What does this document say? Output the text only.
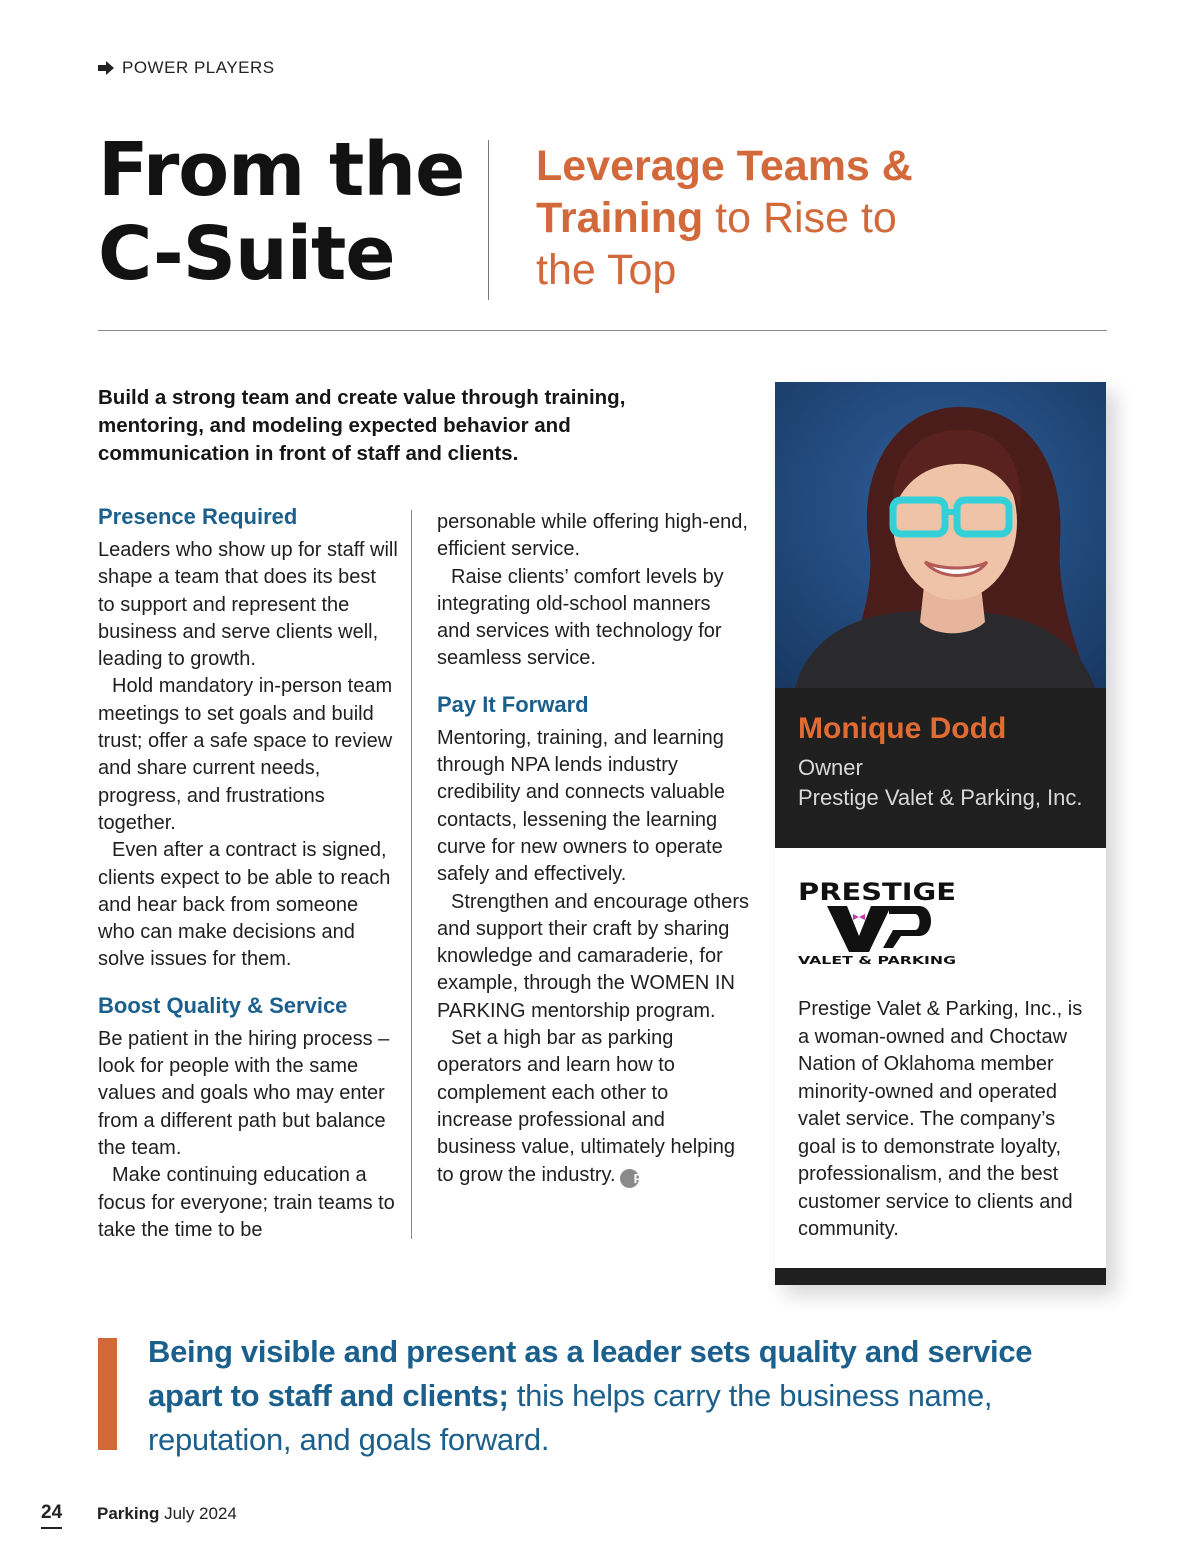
POWER PLAYERS
From the
C-Suite
Leverage Teams &
Training to Rise to
the Top
Build a strong team and create value through training, mentoring, and modeling expected behavior and communication in front of staff and clients.
Presence Required

Leaders who show up for staff will shape a team that does its best to support and represent the business and serve clients well, leading to growth.

Hold mandatory in-person team meetings to set goals and build trust; offer a safe space to review and share current needs, progress, and frustrations together.

Even after a contract is signed, clients expect to be able to reach and hear back from someone who can make decisions and solve issues for them.

Boost Quality & Service

Be patient in the hiring process – look for people with the same values and goals who may enter from a different path but balance the team.

Make continuing education a focus for everyone; train teams to take the time to be

personable while offering high-end, efficient service.

Raise clients’ comfort levels by integrating old-school manners and services with technology for seamless service.

Pay It Forward

Mentoring, training, and learning through NPA lends industry credibility and connects valuable contacts, lessening the learning curve for new owners to operate safely and effectively.

Strengthen and encourage others and support their craft by sharing knowledge and camaraderie, for example, through the WOMEN IN PARKING mentorship program.

Set a high bar as parking operators and learn how to complement each other to increase professional and business value, ultimately helping to grow the industry. P

Monique Dodd
Owner
Prestige Valet & Parking, Inc.
PRESTIGE
VALET & PARKING
Prestige Valet & Parking, Inc., is a woman-owned and Choctaw Nation of Oklahoma member minority-owned and operated valet service. The company’s goal is to demonstrate loyalty, professionalism, and the best customer service to clients and community.
Being visible and present as a leader sets quality and service apart to staff and clients; this helps carry the business name, reputation, and goals forward.
24 Parking July 2024
